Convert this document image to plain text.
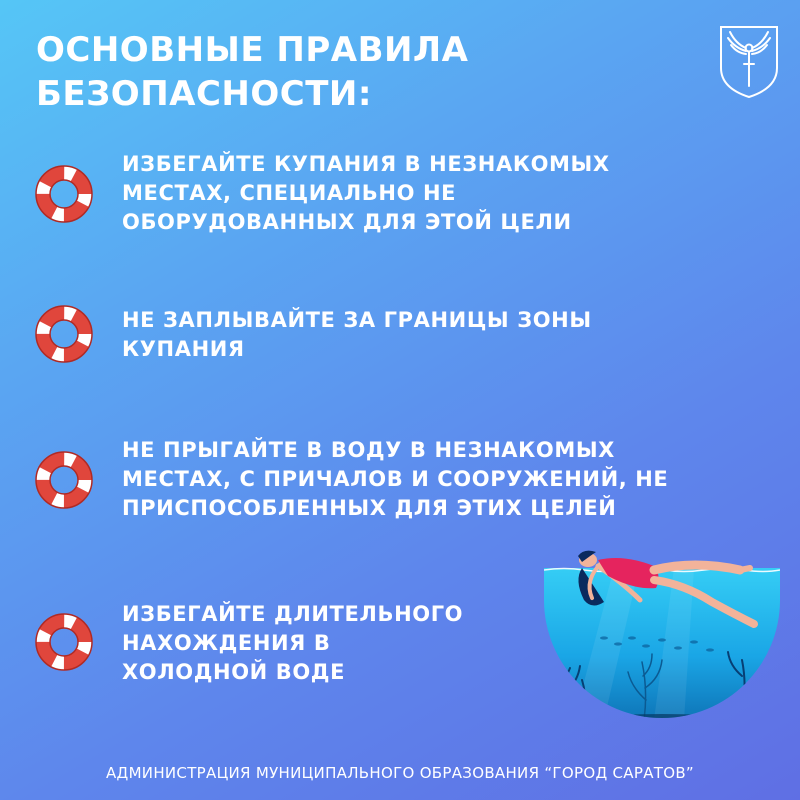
ОСНОВНЫЕ ПРАВИЛА
БЕЗОПАСНОСТИ:

ИЗБЕГАЙТЕ КУПАНИЯ В НЕЗНАКОМЫХ
МЕСТАХ, СПЕЦИАЛЬНО НЕ
ОБОРУДОВАННЫХ ДЛЯ ЭТОЙ ЦЕЛИ

НЕ ЗАПЛЫВАЙТЕ ЗА ГРАНИЦЫ ЗОНЫ
КУПАНИЯ

НЕ ПРЫГАЙТЕ В ВОДУ В НЕЗНАКОМЫХ
МЕСТАХ, С ПРИЧАЛОВ И СООРУЖЕНИЙ, НЕ
ПРИСПОСОБЛЕННЫХ ДЛЯ ЭТИХ ЦЕЛЕЙ

ИЗБЕГАЙТЕ ДЛИТЕЛЬНОГО
НАХОЖДЕНИЯ В
ХОЛОДНОЙ ВОДЕ

АДМИНИСТРАЦИЯ МУНИЦИПАЛЬНОГО ОБРАЗОВАНИЯ “ГОРОД САРАТОВ”
